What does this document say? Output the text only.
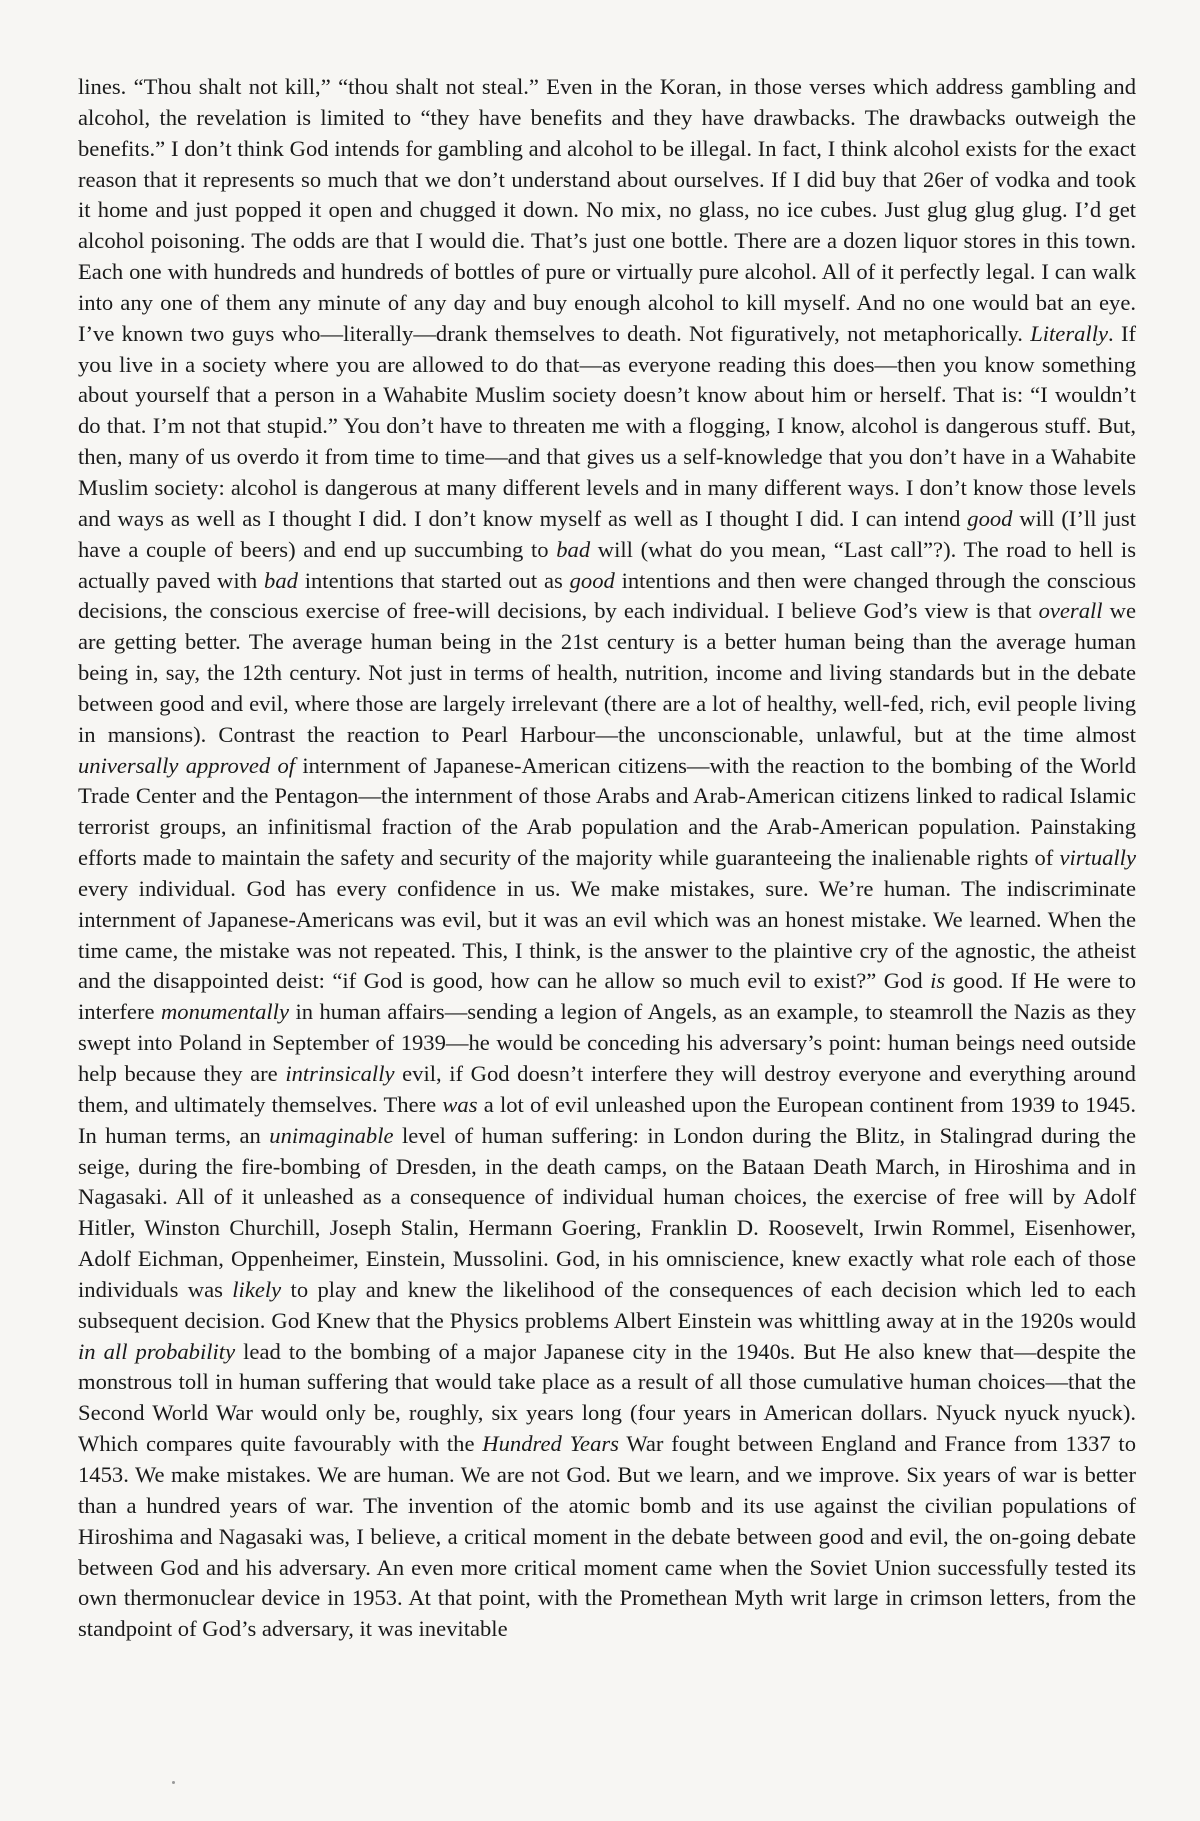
lines. “Thou shalt not kill,” “thou shalt not steal.” Even in the Koran, in those verses which address gambling and alcohol, the revelation is limited to “they have benefits and they have drawbacks. The drawbacks outweigh the benefits.” I don’t think God intends for gambling and alcohol to be illegal. In fact, I think alcohol exists for the exact reason that it represents so much that we don’t understand about ourselves. If I did buy that 26er of vodka and took it home and just popped it open and chugged it down. No mix, no glass, no ice cubes. Just glug glug glug. I’d get alcohol poisoning. The odds are that I would die. That’s just one bottle. There are a dozen liquor stores in this town. Each one with hundreds and hundreds of bottles of pure or virtually pure alcohol. All of it perfectly legal. I can walk into any one of them any minute of any day and buy enough alcohol to kill myself. And no one would bat an eye. I’ve known two guys who—literally—drank themselves to death. Not figuratively, not metaphorically. Literally. If you live in a society where you are allowed to do that—as everyone reading this does—then you know something about yourself that a person in a Wahabite Muslim society doesn’t know about him or herself. That is: “I wouldn’t do that. I’m not that stupid.” You don’t have to threaten me with a flogging, I know, alcohol is dangerous stuff. But, then, many of us overdo it from time to time—and that gives us a self-knowledge that you don’t have in a Wahabite Muslim society: alcohol is dangerous at many different levels and in many different ways. I don’t know those levels and ways as well as I thought I did. I don’t know myself as well as I thought I did. I can intend good will (I’ll just have a couple of beers) and end up succumbing to bad will (what do you mean, “Last call”?). The road to hell is actually paved with bad intentions that started out as good intentions and then were changed through the conscious decisions, the conscious exercise of free-will decisions, by each individual. I believe God’s view is that overall we are getting better. The average human being in the 21st century is a better human being than the average human being in, say, the 12th century. Not just in terms of health, nutrition, income and living standards but in the debate between good and evil, where those are largely irrelevant (there are a lot of healthy, well-fed, rich, evil people living in mansions). Contrast the reaction to Pearl Harbour—the unconscionable, unlawful, but at the time almost universally approved of internment of Japanese-American citizens—with the reaction to the bombing of the World Trade Center and the Pentagon—the internment of those Arabs and Arab-American citizens linked to radical Islamic terrorist groups, an infinitismal fraction of the Arab population and the Arab-American population. Painstaking efforts made to maintain the safety and security of the majority while guaranteeing the inalienable rights of virtually every individual. God has every confidence in us. We make mistakes, sure. We’re human. The indiscriminate internment of Japanese-Americans was evil, but it was an evil which was an honest mistake. We learned. When the time came, the mistake was not repeated. This, I think, is the answer to the plaintive cry of the agnostic, the atheist and the disappointed deist: “if God is good, how can he allow so much evil to exist?” God is good. If He were to interfere monumentally in human affairs—sending a legion of Angels, as an example, to steamroll the Nazis as they swept into Poland in September of 1939—he would be conceding his adversary’s point: human beings need outside help because they are intrinsically evil, if God doesn’t interfere they will destroy everyone and everything around them, and ultimately themselves. There was a lot of evil unleashed upon the European continent from 1939 to 1945. In human terms, an unimaginable level of human suffering: in London during the Blitz, in Stalingrad during the seige, during the fire-bombing of Dresden, in the death camps, on the Bataan Death March, in Hiroshima and in Nagasaki. All of it unleashed as a consequence of individual human choices, the exercise of free will by Adolf Hitler, Winston Churchill, Joseph Stalin, Hermann Goering, Franklin D. Roosevelt, Irwin Rommel, Eisenhower, Adolf Eichman, Oppenheimer, Einstein, Mussolini. God, in his omniscience, knew exactly what role each of those individuals was likely to play and knew the likelihood of the consequences of each decision which led to each subsequent decision. God Knew that the Physics problems Albert Einstein was whittling away at in the 1920s would in all probability lead to the bombing of a major Japanese city in the 1940s. But He also knew that—despite the monstrous toll in human suffering that would take place as a result of all those cumulative human choices—that the Second World War would only be, roughly, six years long (four years in American dollars. Nyuck nyuck nyuck). Which compares quite favourably with the Hundred Years War fought between England and France from 1337 to 1453. We make mistakes. We are human. We are not God. But we learn, and we improve. Six years of war is better than a hundred years of war. The invention of the atomic bomb and its use against the civilian populations of Hiroshima and Nagasaki was, I believe, a critical moment in the debate between good and evil, the on-going debate between God and his adversary. An even more critical moment came when the Soviet Union successfully tested its own thermonuclear device in 1953. At that point, with the Promethean Myth writ large in crimson letters, from the standpoint of God’s adversary, it was inevitable
